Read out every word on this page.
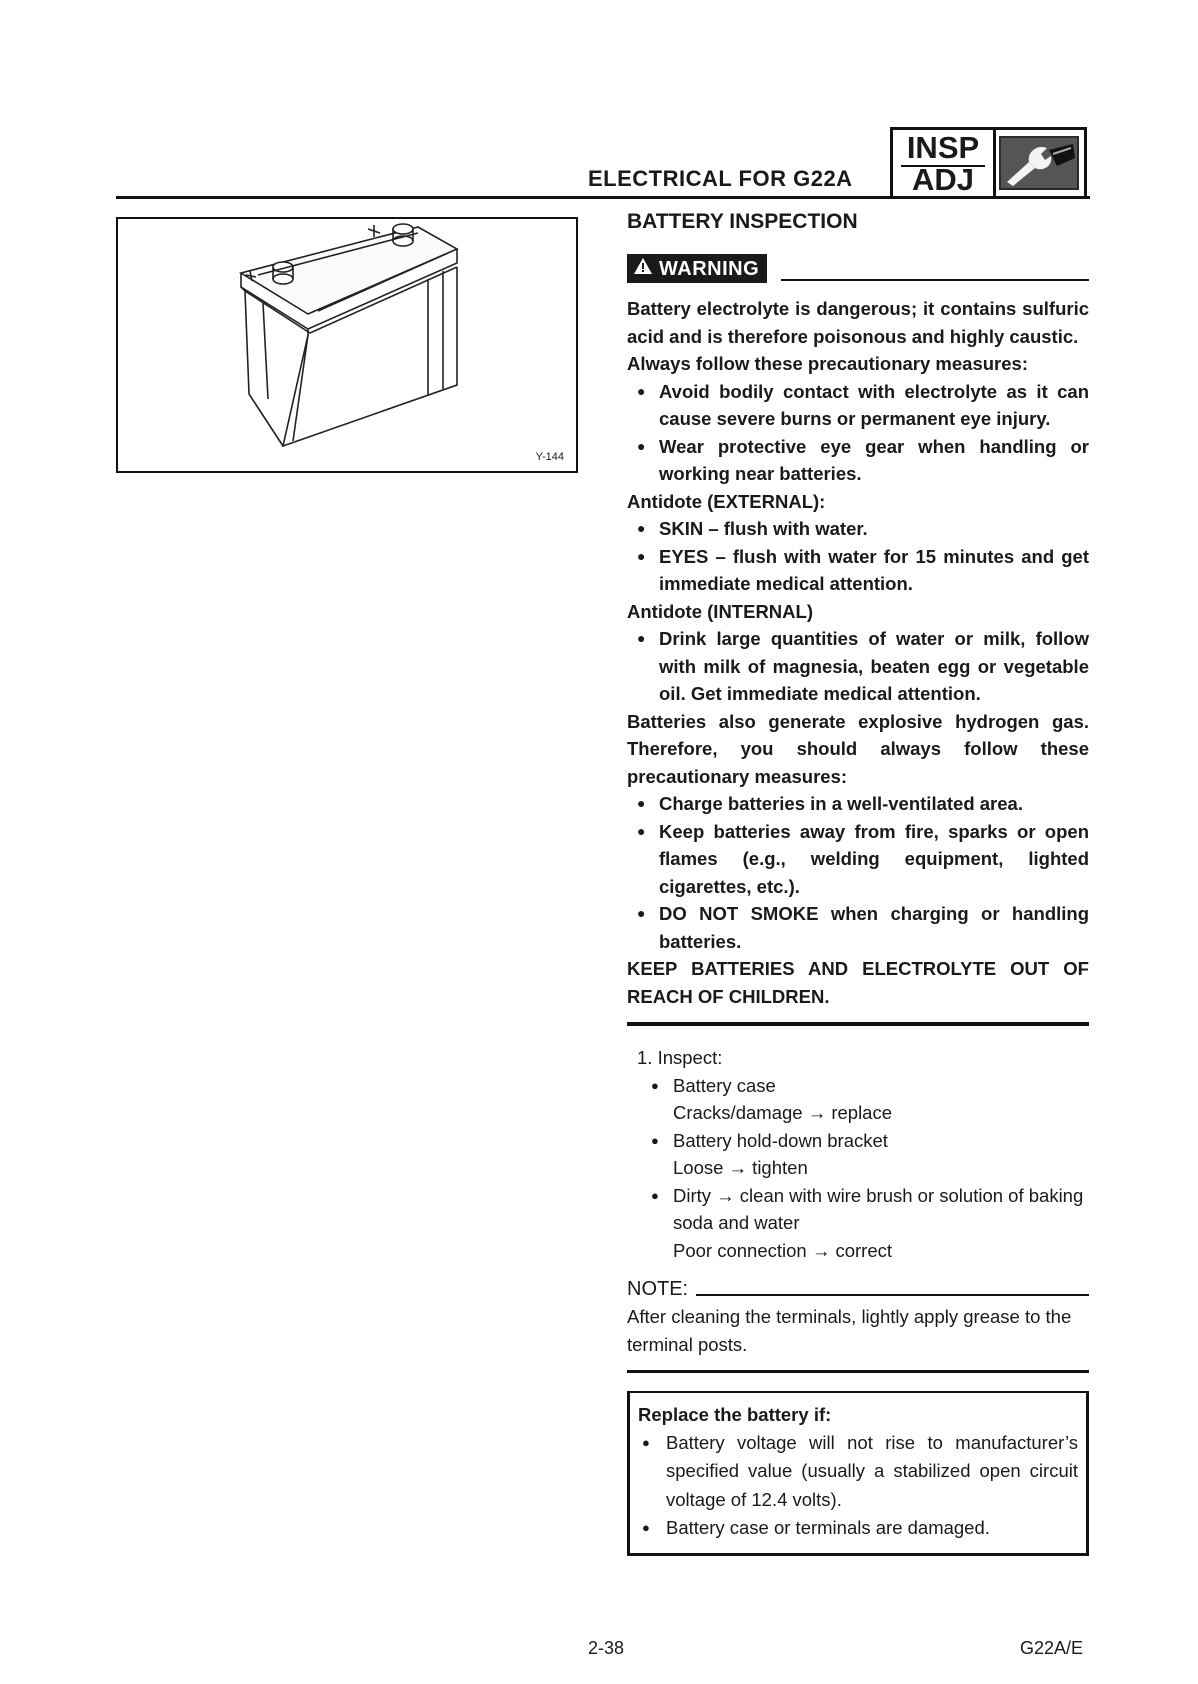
ELECTRICAL FOR G22A
INSP
ADJ
Y-144
BATTERY INSPECTION
WARNING

Battery electrolyte is dangerous; it contains sulfuric acid and is therefore poisonous and highly caustic.

Always follow these precautionary measures:

● Avoid bodily contact with electrolyte as it can cause severe burns or permanent eye injury.
● Wear protective eye gear when handling or working near batteries.

Antidote (EXTERNAL):

● SKIN – flush with water.
● EYES – flush with water for 15 minutes and get immediate medical attention.

Antidote (INTERNAL)

● Drink large quantities of water or milk, follow with milk of magnesia, beaten egg or vegetable oil. Get immediate medical attention.

Batteries also generate explosive hydrogen gas. Therefore, you should always follow these precautionary measures:

● Charge batteries in a well-ventilated area.
● Keep batteries away from fire, sparks or open flames (e.g., welding equipment, lighted cigarettes, etc.).
● DO NOT SMOKE when charging or handling batteries.

KEEP BATTERIES AND ELECTROLYTE OUT OF REACH OF CHILDREN.

1. Inspect:

● Battery case

Cracks/damage → replace

● Battery hold-down bracket

Loose → tighten

● Dirty → clean with wire brush or solution of baking soda and water

Poor connection → correct

NOTE:

After cleaning the terminals, lightly apply grease to the terminal posts.

Replace the battery if:
● Battery voltage will not rise to manufacturer’s specified value (usually a stabilized open circuit voltage of 12.4 volts).
● Battery case or terminals are damaged.
2-38	G22A/E
